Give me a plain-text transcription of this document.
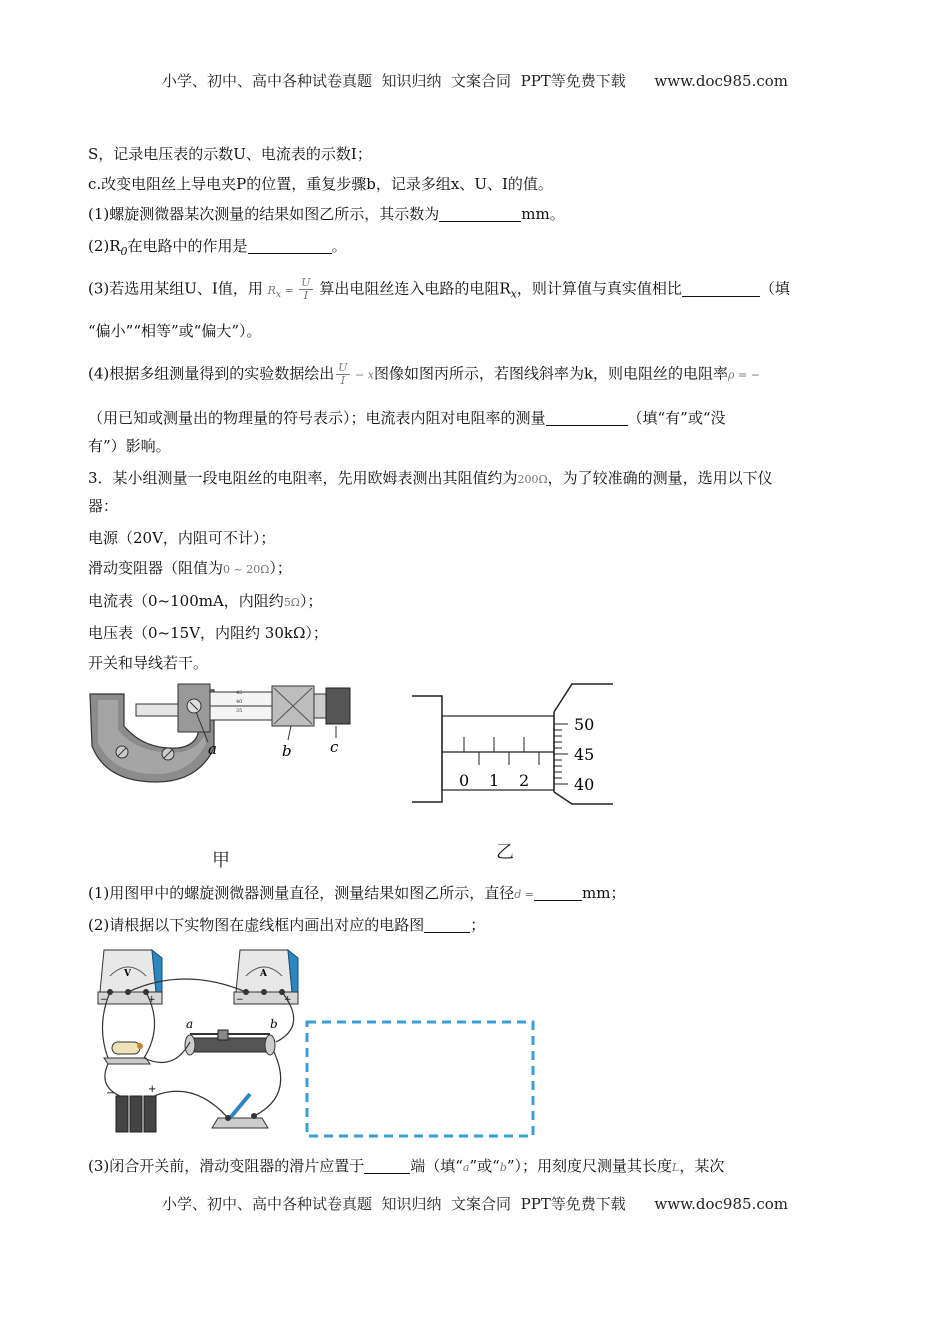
小学、初中、高中各种试卷真题  知识归纳  文案合同  PPT等免费下载      www.doc985.com
S，记录电压表的示数U、电流表的示数I；
c.改变电阻丝上导电夹P的位置，重复步骤b，记录多组x、U、I的值。
(1)螺旋测微器某次测量的结果如图乙所示，其示数为	mm。
$(2)R_0$在电路中的作用是	。
(3)若选用某组U、I值，用 $R_x = \frac{U}{I}$ 算出电阻丝连入电路的电阻$R_x$，则计算值与真实值相比	（填
“偏小”“相等”或“偏大”）。
(4)根据多组测量得到的实验数据绘出 $\frac{U}{I} - x$图像如图丙所示，若图线斜率为k，则电阻丝的电阻率ρ = −
（用已知或测量出的物理量的符号表示）；电流表内阻对电阻率的测量	（填“有”或“没
有”）影响。
3．某小组测量一段电阻丝的电阻率，先用欧姆表测出其阻值约为200Ω，为了较准确的测量，选用以下仪
器：
电源（20V，内阻可不计）；
滑动变阻器（阻值为0 ~ 20Ω）；
电流表（0~100mA，内阻约5Ω）；
电压表（0~15V，内阻约 30kΩ）；
开关和导线若干。
45
40
35
a	b	c
甲
0 1 2
50
45
40
乙
(1)用图甲中的螺旋测微器测量直径，测量结果如图乙所示，直径d =	mm；
(2)请根据以下实物图在虚线框内画出对应的电路图	；
V
−	+
A
−	+
a	b
−	+
(3)闭合开关前，滑动变阻器的滑片应置于	端（填“a”或“b”）；用刻度尺测量其长度L，某次
小学、初中、高中各种试卷真题  知识归纳  文案合同  PPT等免费下载      www.doc985.com
